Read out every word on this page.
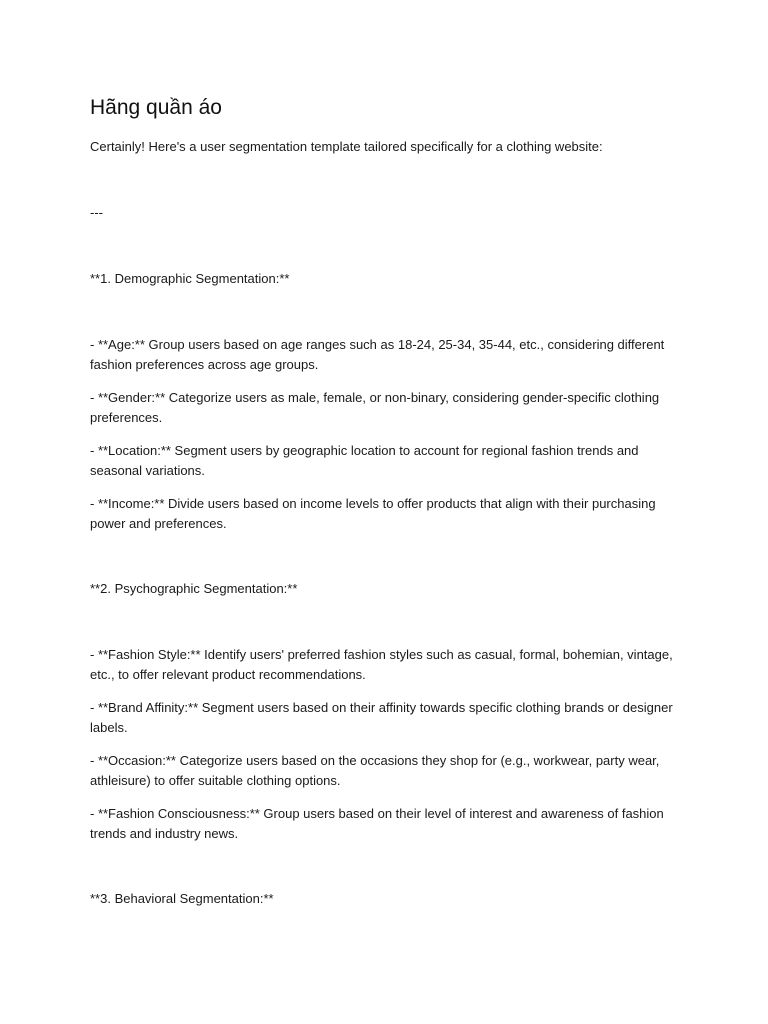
Hãng quần áo

Certainly! Here's a user segmentation template tailored specifically for a clothing website:

---

**1. Demographic Segmentation:**

- **Age:** Group users based on age ranges such as 18-24, 25-34, 35-44, etc., considering different fashion preferences across age groups.

- **Gender:** Categorize users as male, female, or non-binary, considering gender-specific clothing preferences.

- **Location:** Segment users by geographic location to account for regional fashion trends and seasonal variations.

- **Income:** Divide users based on income levels to offer products that align with their purchasing power and preferences.

**2. Psychographic Segmentation:**

- **Fashion Style:** Identify users' preferred fashion styles such as casual, formal, bohemian, vintage, etc., to offer relevant product recommendations.

- **Brand Affinity:** Segment users based on their affinity towards specific clothing brands or designer labels.

- **Occasion:** Categorize users based on the occasions they shop for (e.g., workwear, party wear, athleisure) to offer suitable clothing options.

- **Fashion Consciousness:** Group users based on their level of interest and awareness of fashion trends and industry news.

**3. Behavioral Segmentation:**
